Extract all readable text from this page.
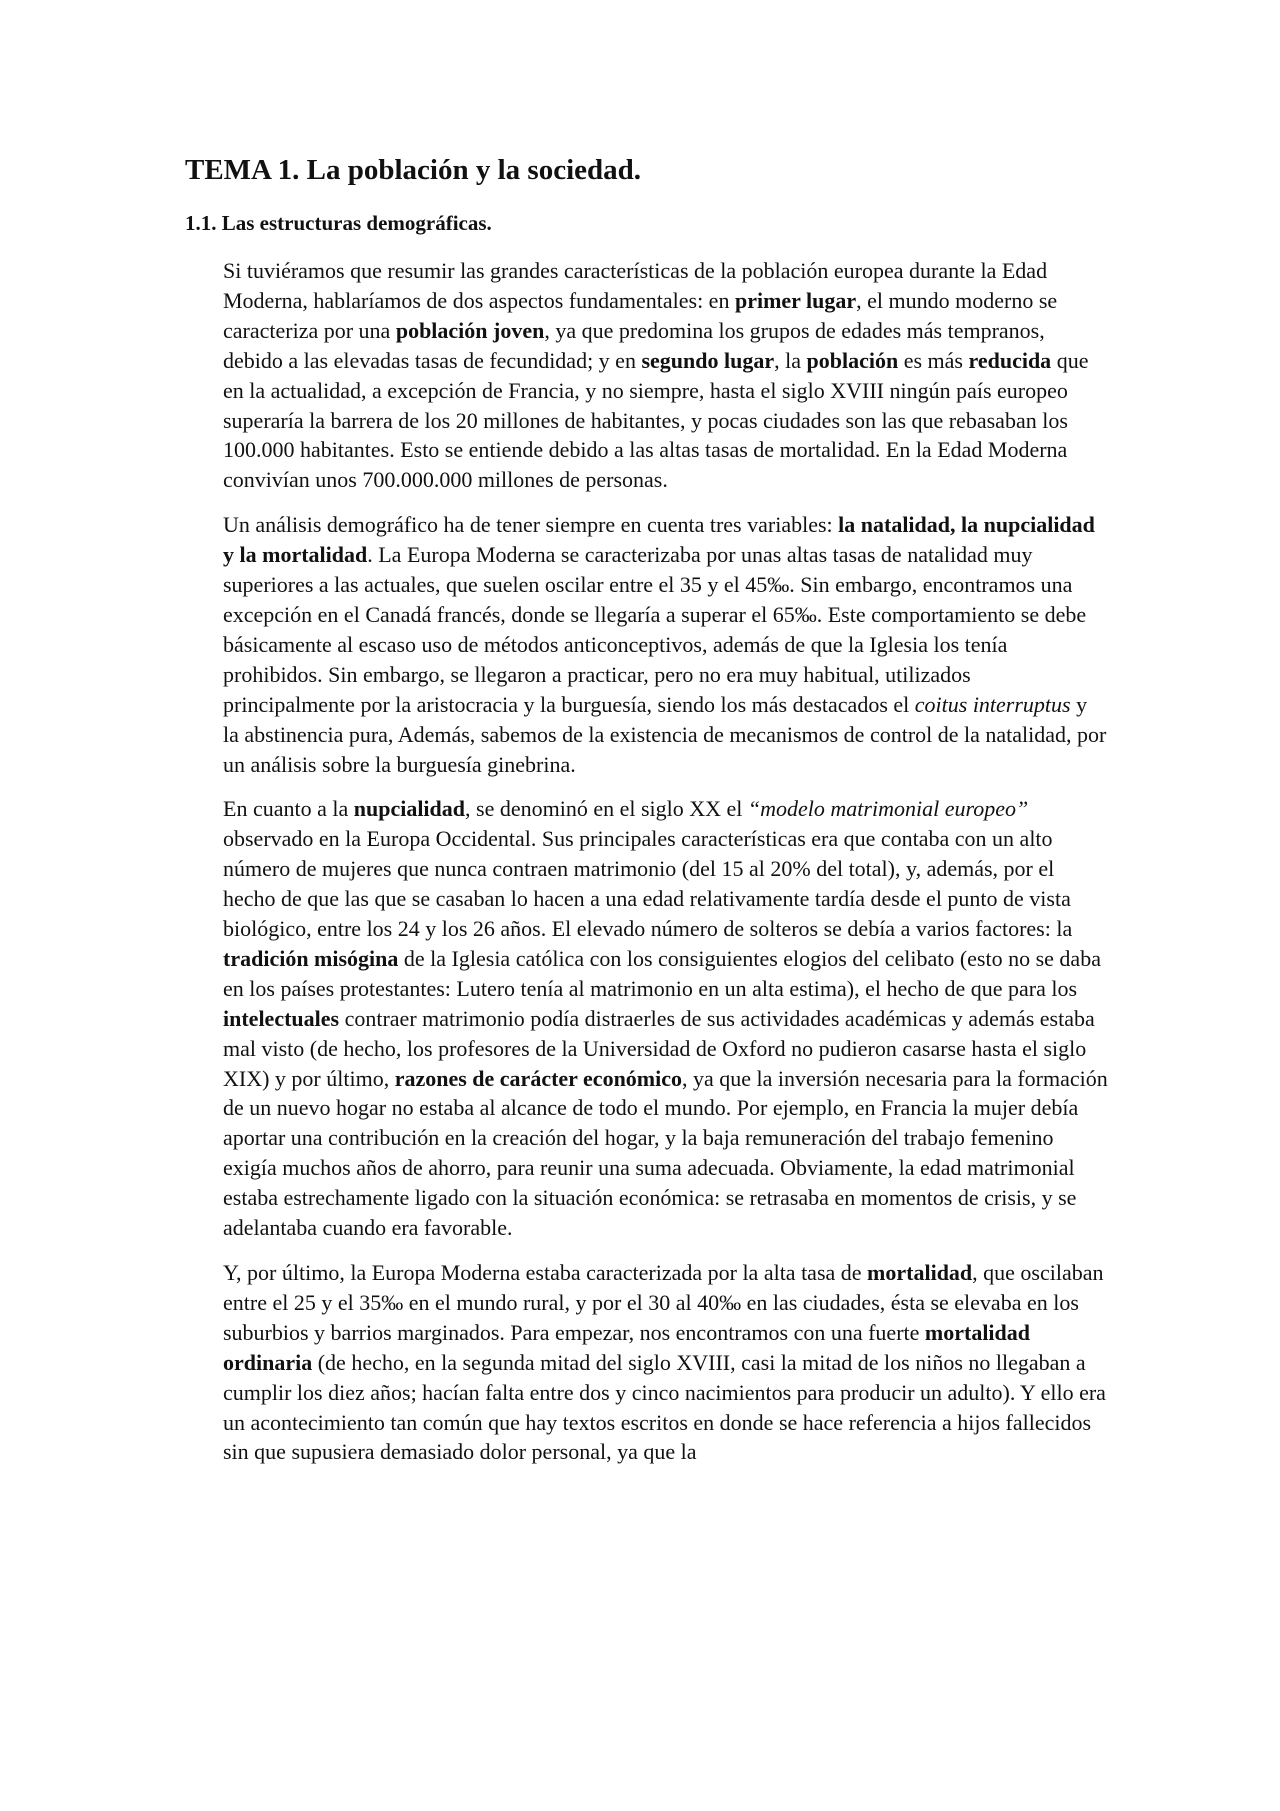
TEMA 1. La población y la sociedad.
1.1. Las estructuras demográficas.

Si tuviéramos que resumir las grandes características de la población europea durante la Edad Moderna, hablaríamos de dos aspectos fundamentales: en primer lugar, el mundo moderno se caracteriza por una población joven, ya que predomina los grupos de edades más tempranos, debido a las elevadas tasas de fecundidad; y en segundo lugar, la población es más reducida que en la actualidad, a excepción de Francia, y no siempre, hasta el siglo XVIII ningún país europeo superaría la barrera de los 20 millones de habitantes, y pocas ciudades son las que rebasaban los 100.000 habitantes. Esto se entiende debido a las altas tasas de mortalidad. En la Edad Moderna convivían unos 700.000.000 millones de personas.

Un análisis demográfico ha de tener siempre en cuenta tres variables: la natalidad, la nupcialidad y la mortalidad. La Europa Moderna se caracterizaba por unas altas tasas de natalidad muy superiores a las actuales, que suelen oscilar entre el 35 y el 45‰. Sin embargo, encontramos una excepción en el Canadá francés, donde se llegaría a superar el 65‰. Este comportamiento se debe básicamente al escaso uso de métodos anticonceptivos, además de que la Iglesia los tenía prohibidos. Sin embargo, se llegaron a practicar, pero no era muy habitual, utilizados principalmente por la aristocracia y la burguesía, siendo los más destacados el coitus interruptus y la abstinencia pura, Además, sabemos de la existencia de mecanismos de control de la natalidad, por un análisis sobre la burguesía ginebrina.

En cuanto a la nupcialidad, se denominó en el siglo XX el “modelo matrimonial europeo” observado en la Europa Occidental. Sus principales características era que contaba con un alto número de mujeres que nunca contraen matrimonio (del 15 al 20% del total), y, además, por el hecho de que las que se casaban lo hacen a una edad relativamente tardía desde el punto de vista biológico, entre los 24 y los 26 años. El elevado número de solteros se debía a varios factores: la tradición misógina de la Iglesia católica con los consiguientes elogios del celibato (esto no se daba en los países protestantes: Lutero tenía al matrimonio en un alta estima), el hecho de que para los intelectuales contraer matrimonio podía distraerles de sus actividades académicas y además estaba mal visto (de hecho, los profesores de la Universidad de Oxford no pudieron casarse hasta el siglo XIX) y por último, razones de carácter económico, ya que la inversión necesaria para la formación de un nuevo hogar no estaba al alcance de todo el mundo. Por ejemplo, en Francia la mujer debía aportar una contribución en la creación del hogar, y la baja remuneración del trabajo femenino exigía muchos años de ahorro, para reunir una suma adecuada. Obviamente, la edad matrimonial estaba estrechamente ligado con la situación económica: se retrasaba en momentos de crisis, y se adelantaba cuando era favorable.

Y, por último, la Europa Moderna estaba caracterizada por la alta tasa de mortalidad, que oscilaban entre el 25 y el 35‰ en el mundo rural, y por el 30 al 40‰ en las ciudades, ésta se elevaba en los suburbios y barrios marginados. Para empezar, nos encontramos con una fuerte mortalidad ordinaria (de hecho, en la segunda mitad del siglo XVIII, casi la mitad de los niños no llegaban a cumplir los diez años; hacían falta entre dos y cinco nacimientos para producir un adulto). Y ello era un acontecimiento tan común que hay textos escritos en donde se hace referencia a hijos fallecidos sin que supusiera demasiado dolor personal, ya que la
